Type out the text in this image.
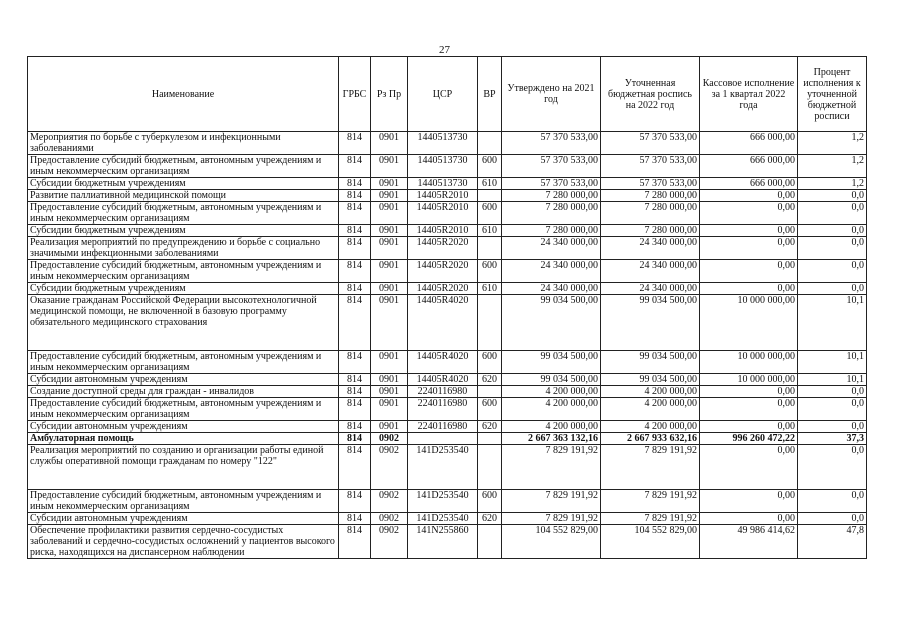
27
Наименование	ГРБС	Рз Пр	ЦСР	ВР	Утверждено на 2021 год	Уточненная бюджетная роспись на 2022 год	Кассовое исполнение за 1 квартал 2022 года	Процент исполнения к уточненной бюджетной росписи
Мероприятия по борьбе с туберкулезом и инфекционными заболеваниями	814	0901	1440513730		57 370 533,00	57 370 533,00	666 000,00	1,2
Предоставление субсидий бюджетным, автономным учреждениям и иным некоммерческим организациям	814	0901	1440513730	600	57 370 533,00	57 370 533,00	666 000,00	1,2
Субсидии бюджетным учреждениям	814	0901	1440513730	610	57 370 533,00	57 370 533,00	666 000,00	1,2
Развитие паллиативной медицинской помощи	814	0901	14405R2010		7 280 000,00	7 280 000,00	0,00	0,0
Предоставление субсидий бюджетным, автономным учреждениям и иным некоммерческим организациям	814	0901	14405R2010	600	7 280 000,00	7 280 000,00	0,00	0,0
Субсидии бюджетным учреждениям	814	0901	14405R2010	610	7 280 000,00	7 280 000,00	0,00	0,0
Реализация мероприятий по предупреждению и борьбе с социально значимыми инфекционными заболеваниями	814	0901	14405R2020		24 340 000,00	24 340 000,00	0,00	0,0
Предоставление субсидий бюджетным, автономным учреждениям и иным некоммерческим организациям	814	0901	14405R2020	600	24 340 000,00	24 340 000,00	0,00	0,0
Субсидии бюджетным учреждениям	814	0901	14405R2020	610	24 340 000,00	24 340 000,00	0,00	0,0
Оказание гражданам Российской Федерации высокотехнологичной медицинской помощи, не включенной в базовую программу обязательного медицинского страхования	814	0901	14405R4020		99 034 500,00	99 034 500,00	10 000 000,00	10,1
Предоставление субсидий бюджетным, автономным учреждениям и иным некоммерческим организациям	814	0901	14405R4020	600	99 034 500,00	99 034 500,00	10 000 000,00	10,1
Субсидии автономным учреждениям	814	0901	14405R4020	620	99 034 500,00	99 034 500,00	10 000 000,00	10,1
Создание доступной среды для граждан - инвалидов	814	0901	2240116980		4 200 000,00	4 200 000,00	0,00	0,0
Предоставление субсидий бюджетным, автономным учреждениям и иным некоммерческим организациям	814	0901	2240116980	600	4 200 000,00	4 200 000,00	0,00	0,0
Субсидии автономным учреждениям	814	0901	2240116980	620	4 200 000,00	4 200 000,00	0,00	0,0
Амбулаторная помощь	814	0902			2 667 363 132,16	2 667 933 632,16	996 260 472,22	37,3
Реализация мероприятий по созданию и организации работы единой службы оперативной помощи гражданам по номеру "122"	814	0902	141D253540		7 829 191,92	7 829 191,92	0,00	0,0
Предоставление субсидий бюджетным, автономным учреждениям и иным некоммерческим организациям	814	0902	141D253540	600	7 829 191,92	7 829 191,92	0,00	0,0
Субсидии автономным учреждениям	814	0902	141D253540	620	7 829 191,92	7 829 191,92	0,00	0,0
Обеспечение профилактики развития сердечно-сосудистых заболеваний и сердечно-сосудистых осложнений у пациентов высокого риска, находящихся на диспансерном наблюдении	814	0902	141N255860		104 552 829,00	104 552 829,00	49 986 414,62	47,8
